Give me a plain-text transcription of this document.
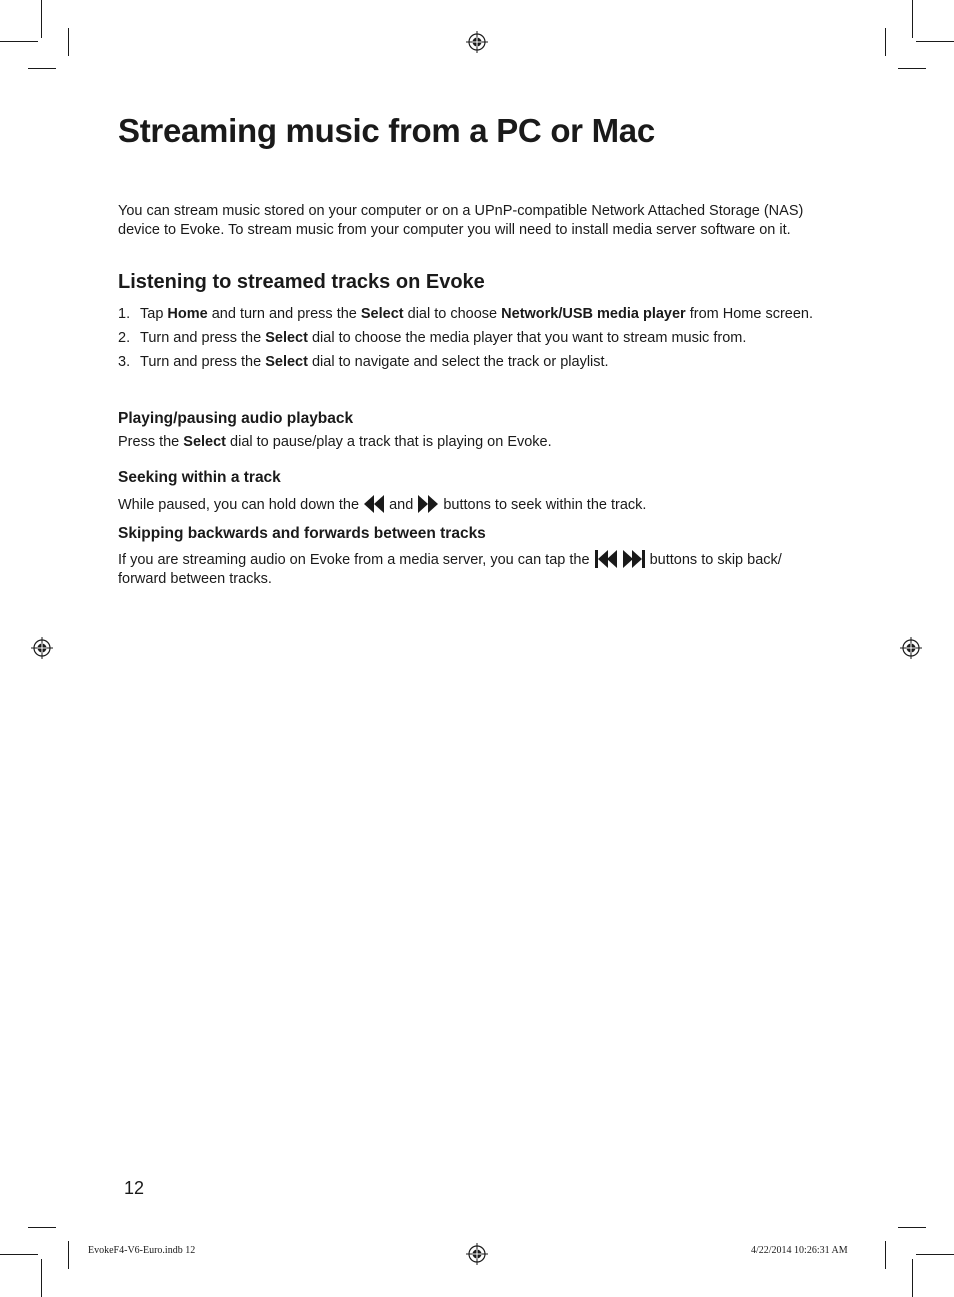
Streaming music from a PC or Mac

You can stream music stored on your computer or on a UPnP-compatible Network Attached Storage (NAS) device to Evoke. To stream music from your computer you will need to install media server software on it.

Listening to streamed tracks on Evoke
1. Tap Home and turn and press the Select dial to choose Network/USB media player from Home screen.
2. Turn and press the Select dial to choose the media player that you want to stream music from.
3. Turn and press the Select dial to navigate and select the track or playlist.
Playing/pausing audio playback

Press the Select dial to pause/play a track that is playing on Evoke.

Seeking within a track

While paused, you can hold down the  and  buttons to seek within the track.

Skipping backwards and forwards between tracks

If you are streaming audio on Evoke from a media server, you can tap the	buttons to skip back/ forward between tracks.

12
EvokeF4-V6-Euro.indb 12	4/22/2014 10:26:31 AM
